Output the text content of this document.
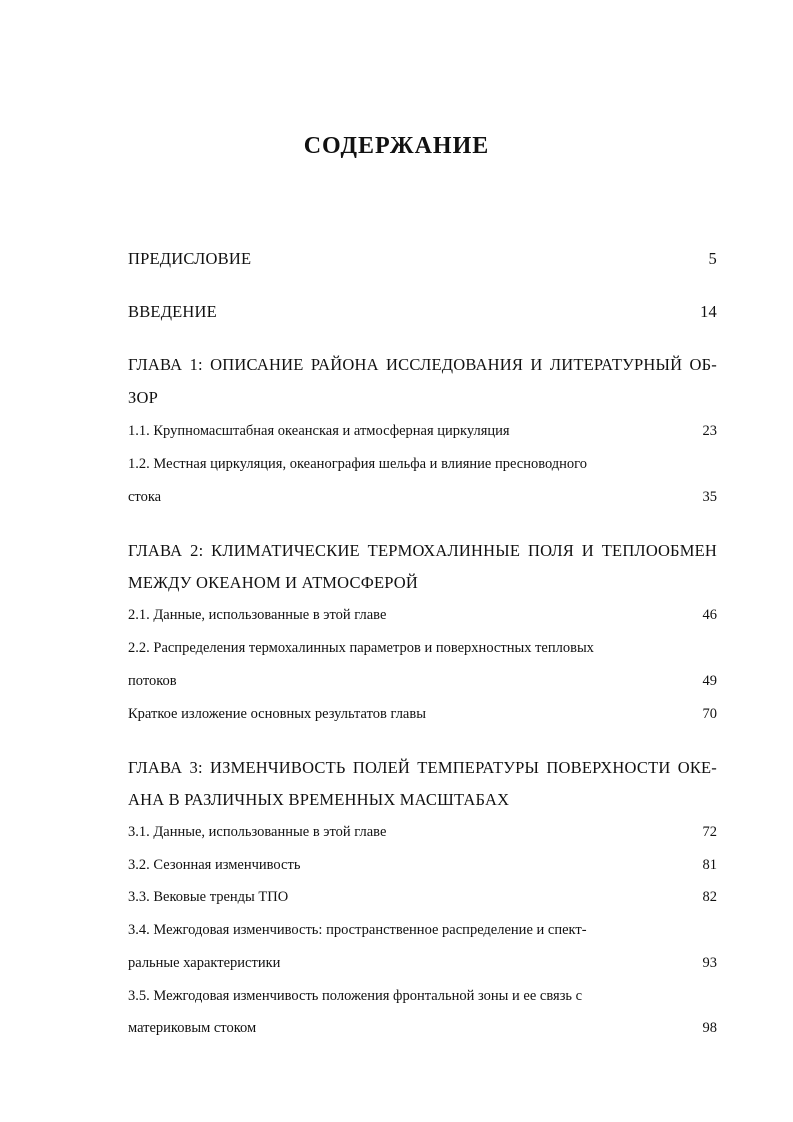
СОДЕРЖАНИЕ
ПРЕДИСЛОВИЕ	5
ВВЕДЕНИЕ	14
ГЛАВА 1: ОПИСАНИЕ РАЙОНА ИССЛЕДОВАНИЯ И ЛИТЕРАТУРНЫЙ ОБ-
ЗОР
1.1. Крупномасштабная океанская и атмосферная циркуляция	23
1.2. Местная циркуляция, океанография шельфа и влияние пресноводного
стока	35
ГЛАВА 2: КЛИМАТИЧЕСКИЕ ТЕРМОХАЛИННЫЕ ПОЛЯ И ТЕПЛООБМЕН
МЕЖДУ ОКЕАНОМ И АТМОСФЕРОЙ
2.1. Данные, использованные в этой главе	46
2.2. Распределения термохалинных параметров и поверхностных тепловых
потоков	49
Краткое изложение основных результатов главы	70
ГЛАВА 3: ИЗМЕНЧИВОСТЬ ПОЛЕЙ ТЕМПЕРАТУРЫ ПОВЕРХНОСТИ ОКЕ-
АНА В РАЗЛИЧНЫХ ВРЕМЕННЫХ МАСШТАБАХ
3.1. Данные, использованные в этой главе	72
3.2. Сезонная изменчивость	81
3.3. Вековые тренды ТПО	82
3.4. Межгодовая изменчивость: пространственное распределение и спект-
ральные характеристики	93
3.5. Межгодовая изменчивость положения фронтальной зоны и ее связь с
материковым стоком	98
